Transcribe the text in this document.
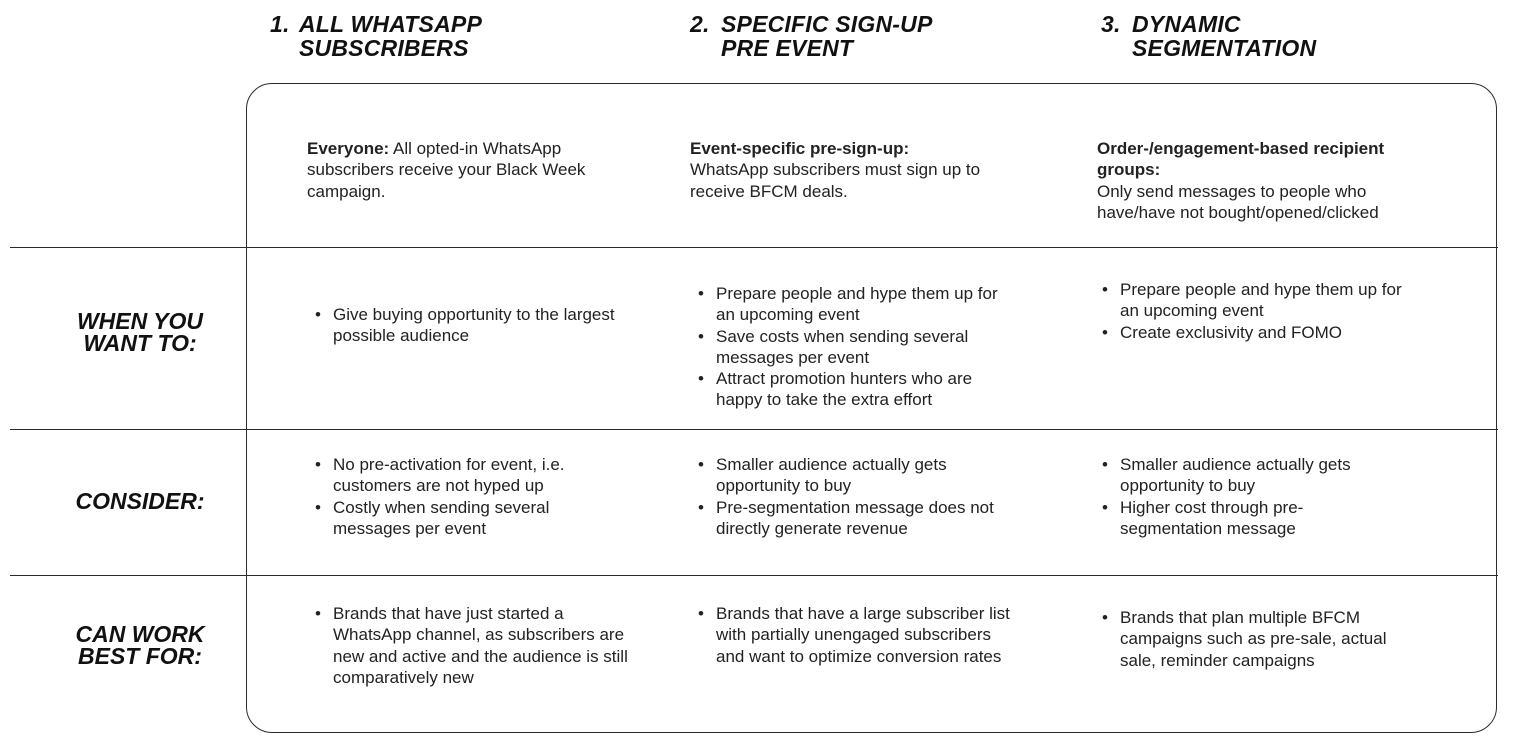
1. ALL WHATSAPP
SUBSCRIBERS
2. SPECIFIC SIGN-UP
PRE EVENT
3. DYNAMIC
SEGMENTATION
WHEN YOU
WANT TO:
CONSIDER:
CAN WORK
BEST FOR:
Everyone: All opted-in WhatsApp subscribers receive your Black Week campaign.
Event-specific pre-sign-up:
WhatsApp subscribers must sign up to receive BFCM deals.
Order-/engagement-based recipient groups:
Only send messages to people who have/have not bought/opened/clicked
• Give buying opportunity to the largest possible audience
• Prepare people and hype them up for an upcoming event
• Save costs when sending several messages per event
• Attract promotion hunters who are happy to take the extra effort
• Prepare people and hype them up for an upcoming event
• Create exclusivity and FOMO
• No pre-activation for event, i.e. customers are not hyped up
• Costly when sending several messages per event
• Smaller audience actually gets opportunity to buy
• Pre-segmentation message does not directly generate revenue
• Smaller audience actually gets opportunity to buy
• Higher cost through pre-segmentation message
• Brands that have just started a WhatsApp channel, as subscribers are new and active and the audience is still comparatively new
• Brands that have a large subscriber list with partially unengaged subscribers and want to optimize conversion rates
• Brands that plan multiple BFCM campaigns such as pre-sale, actual sale, reminder campaigns
